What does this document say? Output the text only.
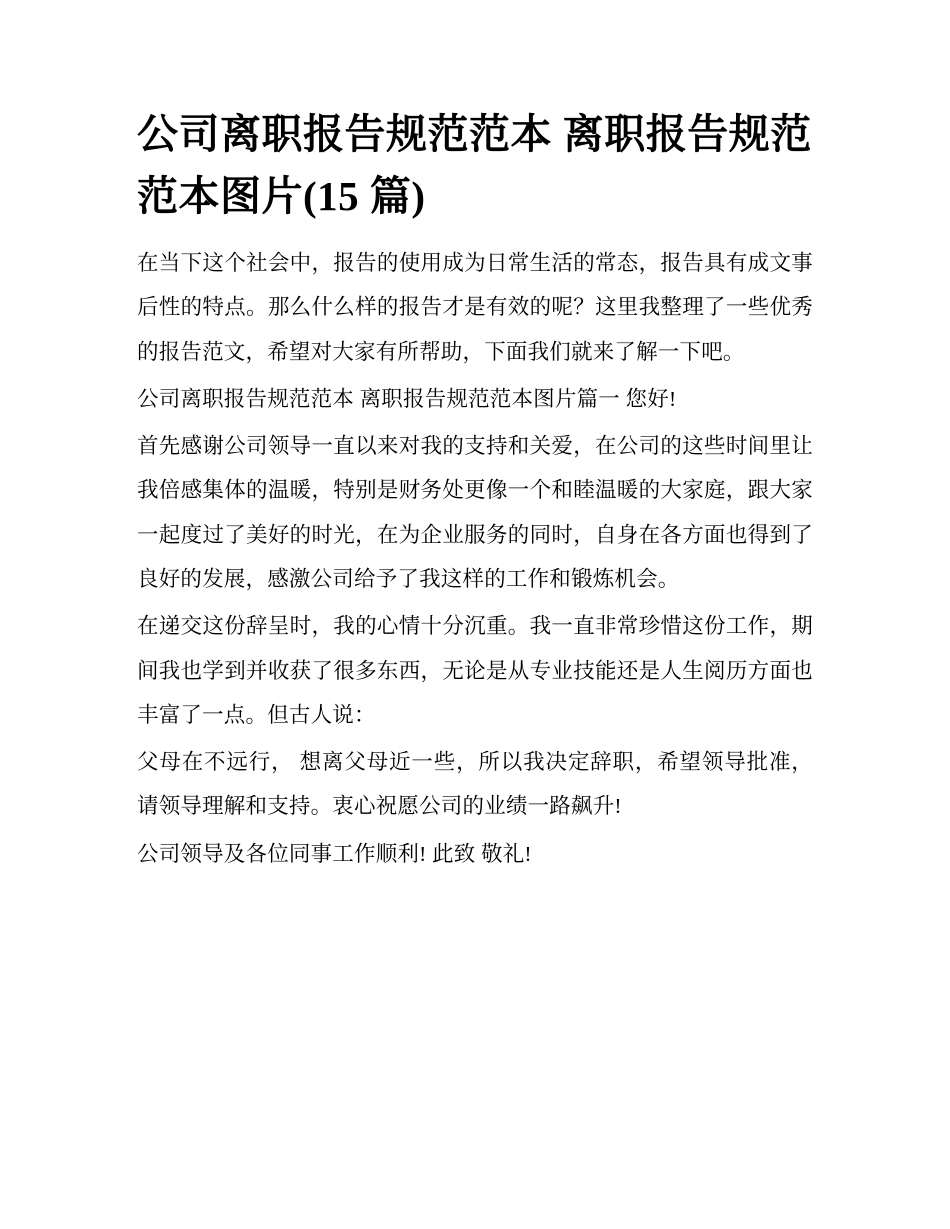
公司离职报告规范范本 离职报告规范范本图片(15 篇)

在当下这个社会中，报告的使用成为日常生活的常态，报告具有成文事后性的特点。那么什么样的报告才是有效的呢？这里我整理了一些优秀的报告范文，希望对大家有所帮助，下面我们就来了解一下吧。

公司离职报告规范范本 离职报告规范范本图片篇一 您好!

首先感谢公司领导一直以来对我的支持和关爱，在公司的这些时间里让我倍感集体的温暖，特别是财务处更像一个和睦温暖的大家庭，跟大家一起度过了美好的时光，在为企业服务的同时，自身在各方面也得到了良好的发展，感激公司给予了我这样的工作和锻炼机会。

在递交这份辞呈时，我的心情十分沉重。我一直非常珍惜这份工作，期间我也学到并收获了很多东西，无论是从专业技能还是人生阅历方面也丰富了一点。但古人说：

父母在不远行， 想离父母近一些，所以我决定辞职，希望领导批准，请领导理解和支持。衷心祝愿公司的业绩一路飙升!

公司领导及各位同事工作顺利! 此致 敬礼!
